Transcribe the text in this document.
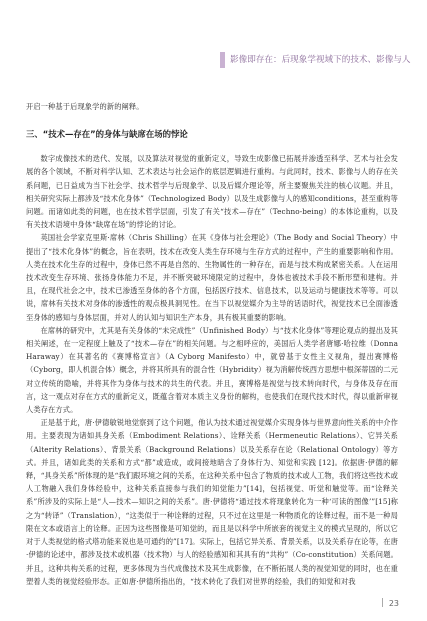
影像即存在：后现象学视域下的技术、影像与人

开启一种基于后现象学的新的阐释。

三、“技术—存在”的身体与缺席在场的悖论

数字成像技术的迭代、发展，以及算法对视觉的重新定义，导致生成影像已拓展并渗透至科学、艺术与社会发展的各个领域，不断对科学认知、艺术表达与社会运作的底层逻辑进行重构。与此同时，技术、影像与人的存在关系问题，已日益成为当下社会学、技术哲学与后现象学、以及后媒介理论等，所主要聚焦关注的核心议题。并且，相关研究实际上都涉及“技术化身体”（Technologized Body）以及生成影像与人的感知conditions，甚至重构等问题。而诸如此类的问题，也在技术哲学层面，引发了有关“技术—存在”（Techno-being）的本体论重构，以及有关技术语境中身体“缺席在场”的悖论的讨论。

英国社会学家克里斯·席林（Chris Shilling）在其《身体与社会理论》（The Body and Social Theory）中提出了“技术化身体”的概念，旨在表明，技术在改变人类生存环境与生存方式的过程中，产生的重要影响和作用。人类在技术化生存的过程中，身体已然不再是自然的、生物属性的一种存在，而是与技术构成紧密关系。人在运用技术改变生存环境、张扬身体能力不足，并不断突破环境限定的过程中，身体也被技术手段不断形塑和建构。并且，在现代社会之中，技术已渗透至身体的各个方面，包括医疗技术、信息技术，以及运动与健康技术等等。可以说，席林有关技术对身体的渗透性的观点极具洞见性。在当下以视觉媒介为主导的话语时代，视觉技术已全面渗透至身体的感知与身体层面，并对人的认知与知识生产本身，具有极其重要的影响。

在席林的研究中，尤其是有关身体的“未完成性”（Unfinished Body）与“技术化身体”等理论观点的提出及其相关阐述，在一定程度上触及了“技术—存在”的相关问题。与之相呼应的，美国后人类学者唐娜·哈拉维（Donna Haraway）在其著名的《赛博格宣言》（A Cyborg Manifesto）中，就曾基于女性主义视角，提出赛博格（Cyborg，即人机混合体）概念，并将其所具有的混合性（Hybridity）视为消解传统西方思想中根深蒂固的二元对立传统的隐喻，并将其作为身体与技术的共生的代表。并且，赛博格是视觉与技术转向时代，与身体及存在而言，这一观点对存在方式的重新定义，既蕴含着对本质主义身份的解构，也使我们在现代技术时代，得以重新审视人类存在方式。

正是基于此，唐·伊德敏锐地觉察到了这个问题，他认为技术通过视觉媒介实现身体与世界意向性关系的中介作用。主要表现为诸如具身关系（Embodiment Relations）、诠释关系（Hermeneutic Relations）、它异关系（Alterity Relations）、背景关系（Background Relations）以及关系存在论（Relational Ontology）等方式。并且，诸如此类的关系和方式“都”或造成，或间接地暗含了身体行为、知觉和实践 [12]。依据唐·伊德的解释，“具身关系”所体现的是“我们跟环境之间的关系，在这种关系中包含了物质的技术或人工物，我们将这些技术或人工物融入我们身体经验中，这种关系直接参与我们的知觉能力”[14]，包括视觉、听觉和触觉等。而“诠释关系”所涉及的实际上是“人—技术—知识之间的关系”。唐·伊德将“通过技术将现象转化为一种‘可读的图像’”[15]称之为“转译”（Translation），“这类似于一种诠释的过程，只不过在这里是一种物质化的诠释过程，而不是一种局限在文本或语言上的诠释。正因为这些图像是可知觉的，而且是以科学中所嵌套的视觉主义的模式呈现的，所以它对于人类视觉的格式塔功能来说也是可通约的”[17]。实际上，包括它异关系、背景关系，以及关系存在论等，在唐·伊德的论述中，都涉及技术或机器（技术物）与人的经验感知和其具有的“共构”（Co-constitution）关系问题。并且，这种共构关系的过程，更多体现为当代成像技术及其生成影像，在不断拓展人类的视觉知觉的同时，也在重塑着人类的视觉经验形态。正如唐·伊德所指出的，“技术转化了我们对世界的经验，我们的知觉和对我

23
